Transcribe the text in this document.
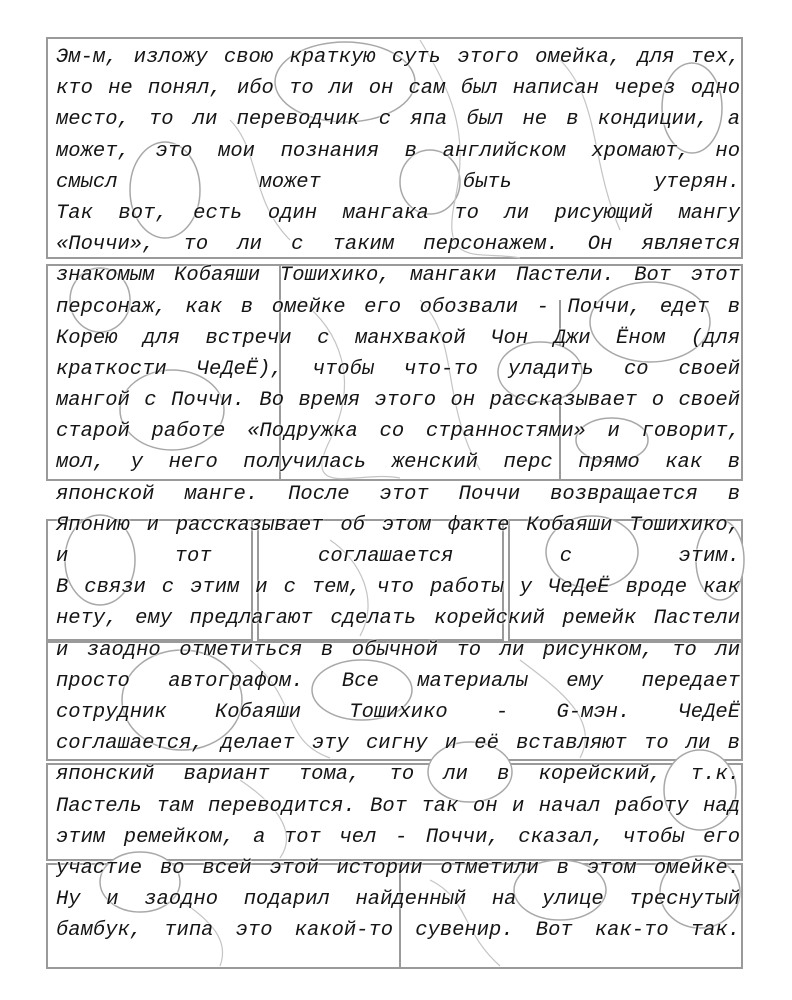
Эм-м, изложу свою краткую суть этого омейка, для тех,
кто не понял, ибо то ли он сам был написан через одно
место, то ли переводчик с япа был не в кондиции, а
может, это мои познания в английском хромают, но
смысл может быть утерян.
Так вот, есть один мангака то ли рисующий мангу
«Поччи», то ли с таким персонажем. Он является
знакомым Кобаяши Тошихико, мангаки Пастели. Вот этот
персонаж, как в омейке его обозвали - Поччи, едет в
Корею для встречи с манхвакой Чон Джи Ёном (для
краткости ЧеДеЁ), чтобы что-то уладить со своей
мангой с Поччи. Во время этого он рассказывает о своей
старой работе «Подружка со странностями» и говорит,
мол, у него получилась женский перс прямо как в
японской манге. После этот Поччи возвращается в
Японию и рассказывает об этом факте Кобаяши Тошихико,
и тот соглашается с этим.
В связи с этим и с тем, что работы у ЧеДеЁ вроде как
нету, ему предлагают сделать корейский ремейк Пастели
и заодно отметиться в обычной то ли рисунком, то ли
просто автографом. Все материалы ему передает
сотрудник Кобаяши Тошихико - G-мэн. ЧеДеЁ
соглашается, делает эту сигну и её вставляют то ли в
японский вариант тома, то ли в корейский, т.к.
Пастель там переводится. Вот так он и начал работу над
этим ремейком, а тот чел - Поччи, сказал, чтобы его
участие во всей этой истории отметили в этом омейке.
Ну и заодно подарил найденный на улице треснутый
бамбук, типа это какой-то сувенир. Вот как-то так.
